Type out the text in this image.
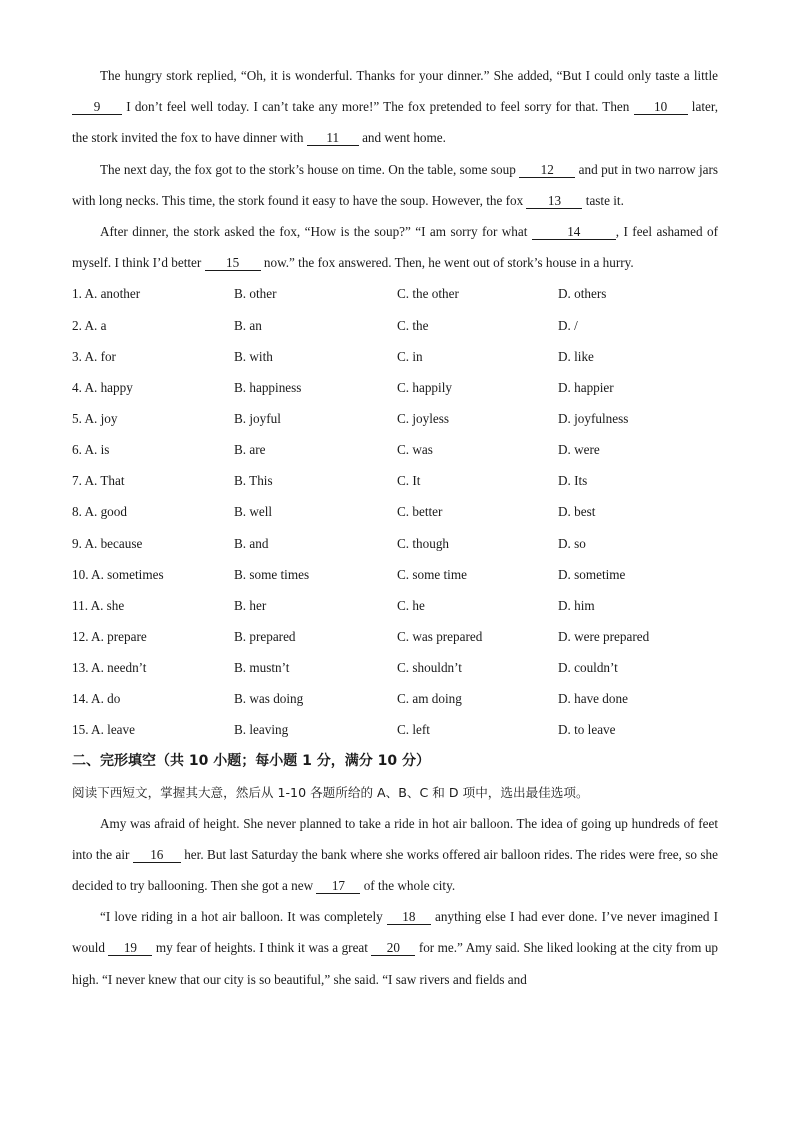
The hungry stork replied, “Oh, it is wonderful. Thanks for your dinner.” She added, “But I could only taste a little 9 I don’t feel well today. I can’t take any more!” The fox pretended to feel sorry for that. Then 10 later, the stork invited the fox to have dinner with 11 and went home.

The next day, the fox got to the stork’s house on time. On the table, some soup 12 and put in two narrow jars with long necks. This time, the stork found it easy to have the soup. However, the fox 13 taste it.

After dinner, the stork asked the fox, “How is the soup?” “I am sorry for what	14	, I feel ashamed of myself. I think I’d better 15 now.” the fox answered. Then, he went out of stork’s house in a hurry.

1. A. another	B. other	C. the other	D. others
2. A. a	B. an	C. the	D. /
3. A. for	B. with	C. in	D. like
4. A. happy	B. happiness	C. happily	D. happier
5. A. joy	B. joyful	C. joyless	D. joyfulness
6. A. is	B. are	C. was	D. were
7. A. That	B. This	C. It	D. Its
8. A. good	B. well	C. better	D. best
9. A. because	B. and	C. though	D. so
10. A. sometimes	B. some times	C. some time	D. sometime
11. A. she	B. her	C. he	D. him
12. A. prepare	B. prepared	C. was prepared	D. were prepared
13. A. needn’t	B. mustn’t	C. shouldn’t	D. couldn’t
14. A. do	B. was doing	C. am doing	D. have done
15. A. leave	B. leaving	C. left	D. to leave

二、完形填空（共 10 小题；每小题 1 分，满分 10 分）

阅读下西短文，掌握其大意，然后从 1-10 各题所给的 A、B、C 和 D 项中，选出最佳选项。

Amy was afraid of height. She never planned to take a ride in hot air balloon. The idea of going up hundreds of feet into the air 16 her. But last Saturday the bank where she works offered air balloon rides. The rides were free, so she decided to try ballooning. Then she got a new 17 of the whole city.

“I love riding in a hot air balloon. It was completely 18 anything else I had ever done. I’ve never imagined I would 19 my fear of heights. I think it was a great 20 for me.” Amy said. She liked looking at the city from up high. “I never knew that our city is so beautiful,” she said. “I saw rivers and fields and
